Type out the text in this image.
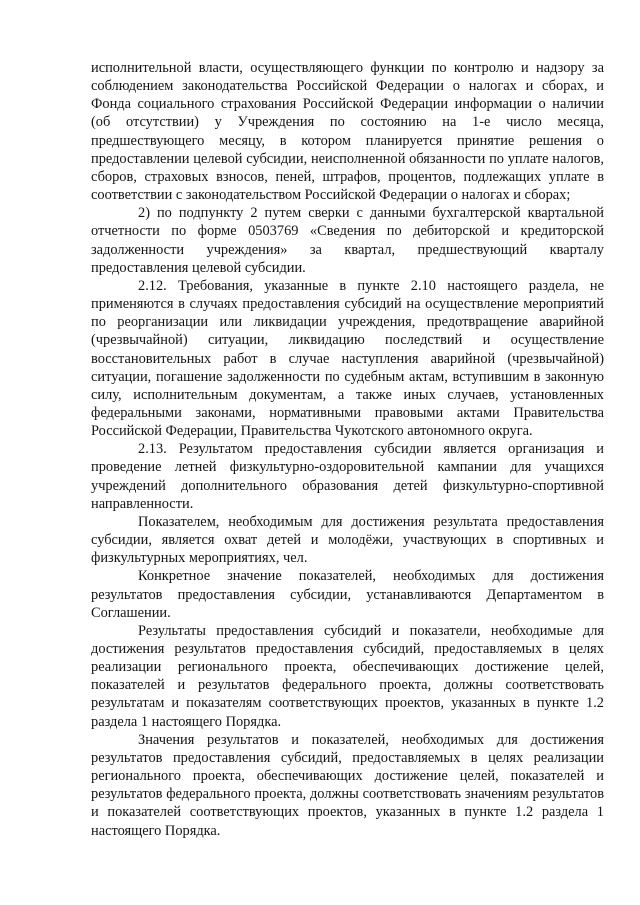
исполнительной власти, осуществляющего функции по контролю и надзору за соблюдением законодательства Российской Федерации о налогах и сборах, и Фонда социального страхования Российской Федерации информации о наличии (об отсутствии) у Учреждения по состоянию на 1-е число месяца, предшествующего месяцу, в котором планируется принятие решения о предоставлении целевой субсидии, неисполненной обязанности по уплате налогов, сборов, страховых взносов, пеней, штрафов, процентов, подлежащих уплате в соответствии с законодательством Российской Федерации о налогах и сборах;

2) по подпункту 2 путем сверки с данными бухгалтерской квартальной отчетности по форме 0503769 «Сведения по дебиторской и кредиторской задолженности учреждения» за квартал, предшествующий кварталу предоставления целевой субсидии.

2.12. Требования, указанные в пункте 2.10 настоящего раздела, не применяются в случаях предоставления субсидий на осуществление мероприятий по реорганизации или ликвидации учреждения, предотвращение аварийной (чрезвычайной) ситуации, ликвидацию последствий и осуществление восстановительных работ в случае наступления аварийной (чрезвычайной) ситуации, погашение задолженности по судебным актам, вступившим в законную силу, исполнительным документам, а также иных случаев, установленных федеральными законами, нормативными правовыми актами Правительства Российской Федерации, Правительства Чукотского автономного округа.

2.13. Результатом предоставления субсидии является организация и проведение летней физкультурно-оздоровительной кампании для учащихся учреждений дополнительного образования детей физкультурно-спортивной направленности.

Показателем, необходимым для достижения результата предоставления субсидии, является охват детей и молодёжи, участвующих в спортивных и физкультурных мероприятиях, чел.

Конкретное значение показателей, необходимых для достижения результатов предоставления субсидии, устанавливаются Департаментом в Соглашении.

Результаты предоставления субсидий и показатели, необходимые для достижения результатов предоставления субсидий, предоставляемых в целях реализации регионального проекта, обеспечивающих достижение целей, показателей и результатов федерального проекта, должны соответствовать результатам и показателям соответствующих проектов, указанных в пункте 1.2 раздела 1 настоящего Порядка.

Значения результатов и показателей, необходимых для достижения результатов предоставления субсидий, предоставляемых в целях реализации регионального проекта, обеспечивающих достижение целей, показателей и результатов федерального проекта, должны соответствовать значениям результатов и показателей соответствующих проектов, указанных в пункте 1.2 раздела 1 настоящего Порядка.
